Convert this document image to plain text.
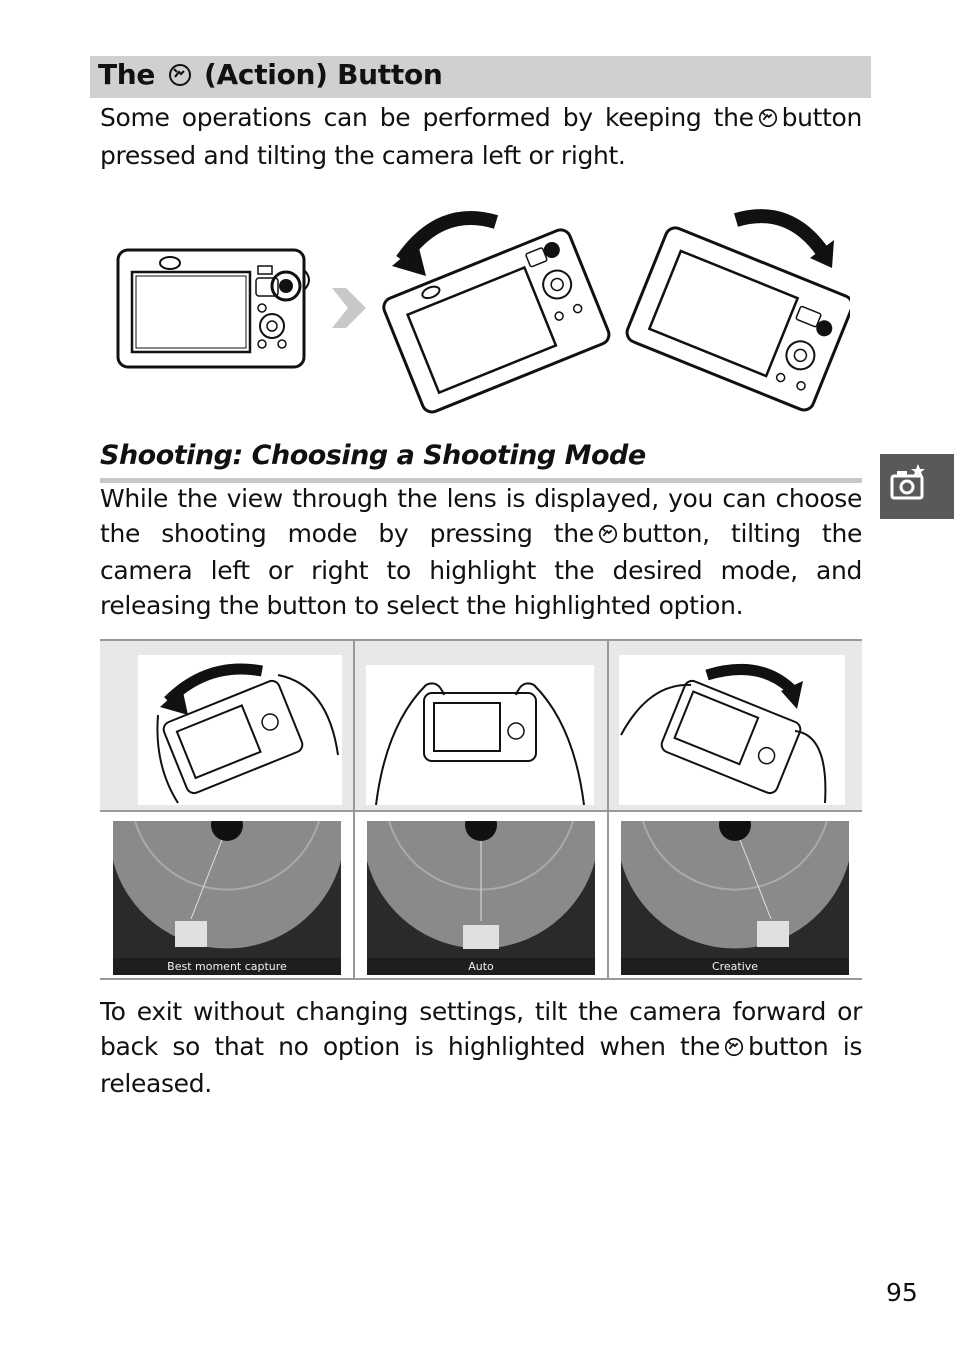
The (Action) Button

Some operations can be performed by keeping the button pressed and tilting the camera left or right.

Shooting: Choosing a Shooting Mode

While the view through the lens is displayed, you can choose the shooting mode by pressing the button, tilting the camera left or right to highlight the desired mode, and releasing the button to select the highlighted option.

Best moment capture	Auto	Creative

To exit without changing settings, tilt the camera forward or back so that no option is highlighted when the button is released.

95
